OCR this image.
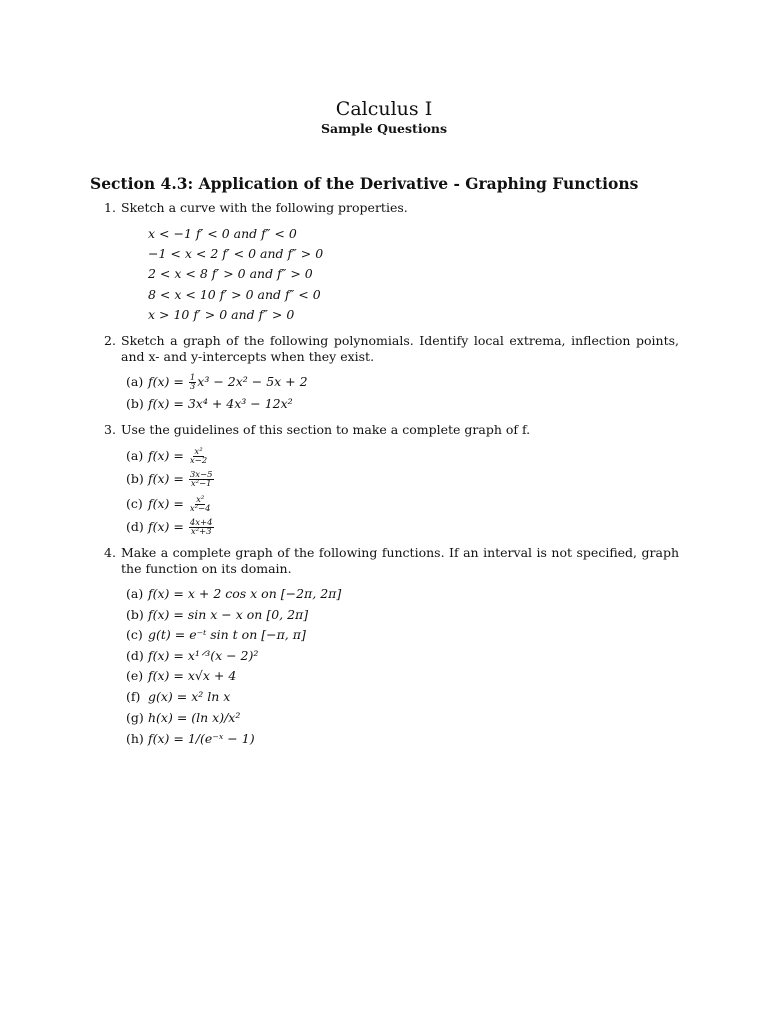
Calculus I
Sample Questions
Section 4.3: Application of the Derivative - Graphing Functions
1. Sketch a curve with the following properties.
x < −1 f′ < 0 and f″ < 0
−1 < x < 2 f′ < 0 and f″ > 0
2 < x < 8 f′ > 0 and f″ > 0
8 < x < 10 f′ > 0 and f″ < 0
x > 10 f′ > 0 and f″ > 0
2. Sketch a graph of the following polynomials. Identify local extrema, inflection points, and x- and y-intercepts when they exist.
(a) $f(x) = \frac{1}{3} x^3 - 2x^2 - 5x + 2$
(b) f(x) = 3x⁴ + 4x³ − 12x²
3. Use the guidelines of this section to make a complete graph of f.
(a) $f(x) = \frac{\text{x²}}{x-2}$
(b) $f(x) = \frac{3x-5}{\text{x²−1}}$
(c) $f(x) = \frac{\text{x²}}{\text{x²−4}}$
(d) $f(x) = \frac{4x+4}{\text{x²+3}}$
4. Make a complete graph of the following functions. If an interval is not specified, graph the function on its domain.
(a) f(x) = x + 2 cos x on [−2π, 2π]
(b) f(x) = sin x − x on [0, 2π]
(c) g(t) = e⁻ᵗ sin t on [−π, π]
(d) f(x) = x¹ᐟ³(x − 2)²
(e) f(x) = x√x + 4
(f) g(x) = x² ln x
(g) h(x) = (ln x)/x²
(h) f(x) = 1/(e⁻ˣ − 1)
